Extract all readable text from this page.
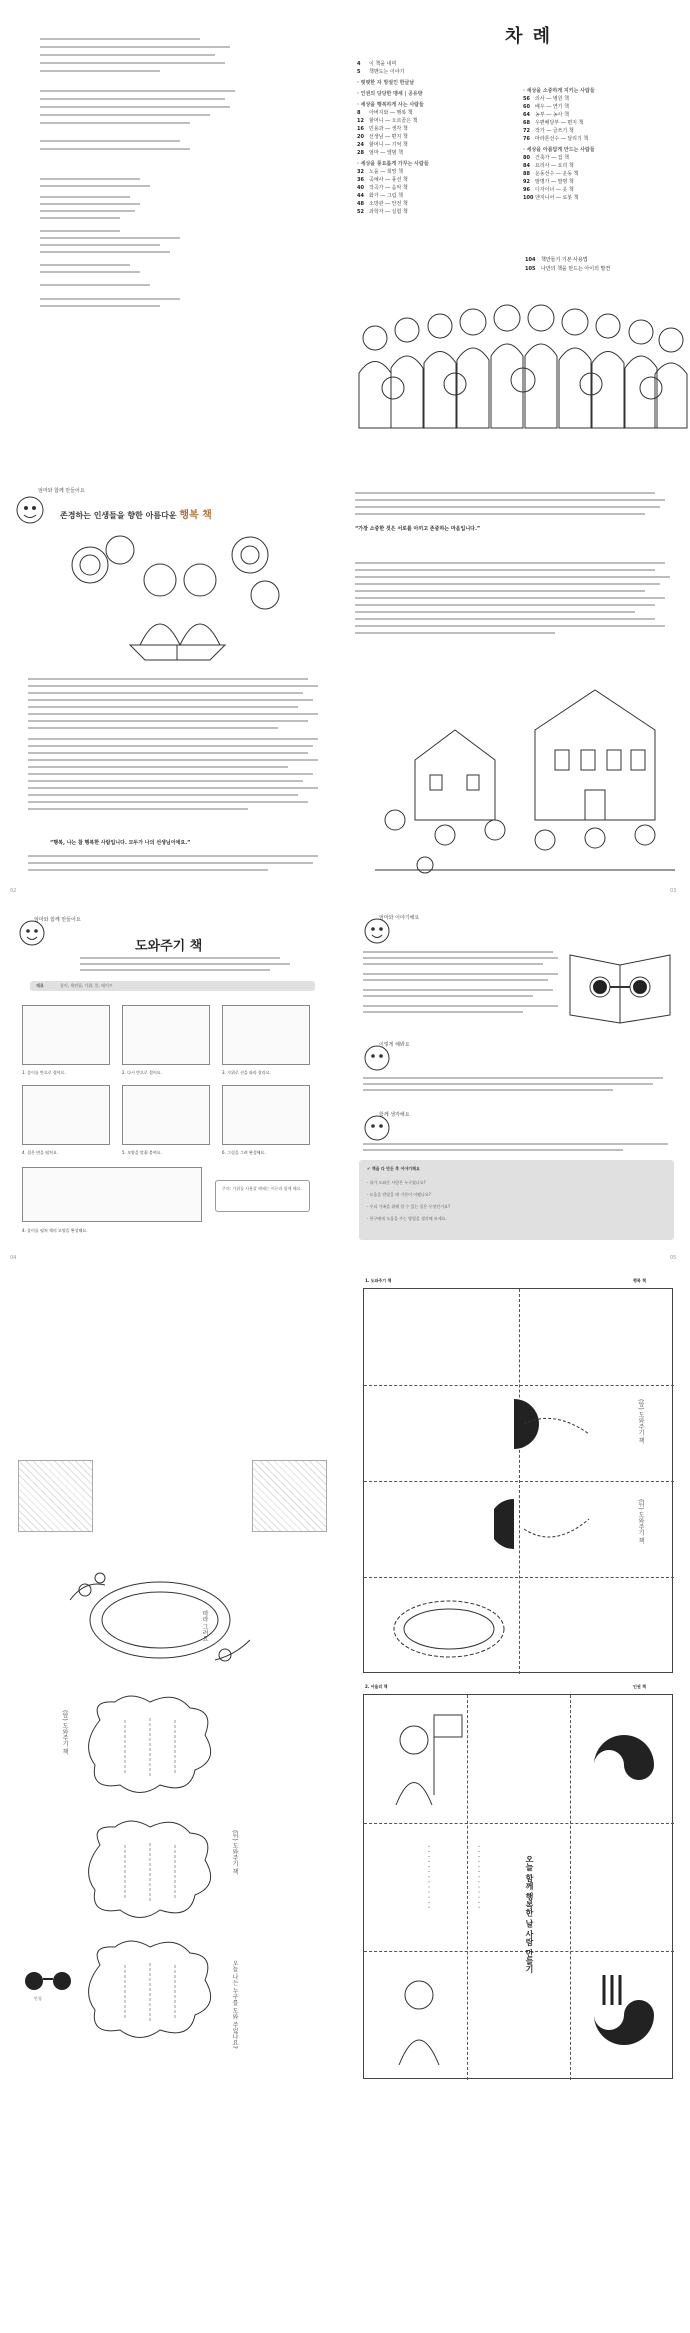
차 례
4 이 책을 내며
5 책맨도는 이야기
· 떳떳한 자 망설인 한글날
· 인권의 당당한 맹세 | 공유방
· 세상을 행복하게 사는 사람들
8 아버지와 ― 행복 책
12 할머니 ― 오르골은 책
16 민용과 ― 생각 책
20 선생님 ― 편지 책
24 할머니 ― 기억 책
28 엄마 ― 앨범 책
· 세상을 풍요롭게 가꾸는 사람들
32 노을 ― 희망 책
36 곡예사 ― 풍선 책
40 작곡가 ― 음악 책
44 화가 ― 그림 책
48 소방관 ― 안전 책
52 과학자 ― 실험 책
· 세상을 소중하게 지키는 사람들
56 의사 ― 병원 책
60 배우 ― 연기 책
64 농부 ― 농사 책
68 우편배달부 ― 편지 책
72 작가 ― 글쓰기 책
76 마라톤선수 ― 달리기 책
· 세상을 아름답게 만드는 사람들
80 건축가 ― 집 책
84 요리사 ― 요리 책
88 운동선수 ― 운동 책
92 발명가 ― 발명 책
96 디자이너 ― 옷 책
100 엔지니어 ― 로봇 책
104 책만들기 기본 사용법
105 나만의 책을 만드는 아이의 발견
엄마와 함께 만들어요
존경하는 인생들을 향한 아름다운 행복 책
“행복, 나는 참 행복한 사람입니다. 모두가 나의 선생님이에요.”
02
“가장 소중한 것은 서로를 아끼고 존중하는 마음입니다.”
03
엄마와 함께 만들어요
도와주기 책
재료	종이, 색연필, 가위, 풀, 테이프
1. 종이를 반으로 접어요.	2. 다시 반으로 접어요.	3. 가위로 선을 따라 잘라요.
4. 접은 면을 펼쳐요.	5. 모양을 맞춰 붙여요.	6. 그림을 그려 완성해요.
4. 종이를 펼쳐 책의 모양을 완성해요.
주의: 가위를 사용할 때에는 어른과 함께 해요.
04
엄마와 이야기해요
이렇게 해봐요
함께 생각해요
✔ 책을 다 만든 후 이야기해요
· 내가 도와준 사람은 누구였나요?
· 도움을 받았을 때 기분이 어땠나요?
· 우리 가족을 위해 할 수 있는 일은 무엇인가요?
· 친구에게 도움을 주는 방법을 생각해 보세요.
05
따라 그려요
(앞) 도와주기 책
(뒤) 도와주기 책
오늘 나는 누구를 도와 주었나요?
안경
1. 도와주기 책	행복 책
(앞) 도와주기 책
(뒤) 도와주기 책
2. 어울리 책	인권 책
· · · · · · · · · · · · ·	· · · · · · · · · · · · ·	오늘 함께 행복한 날 사람 만들기
